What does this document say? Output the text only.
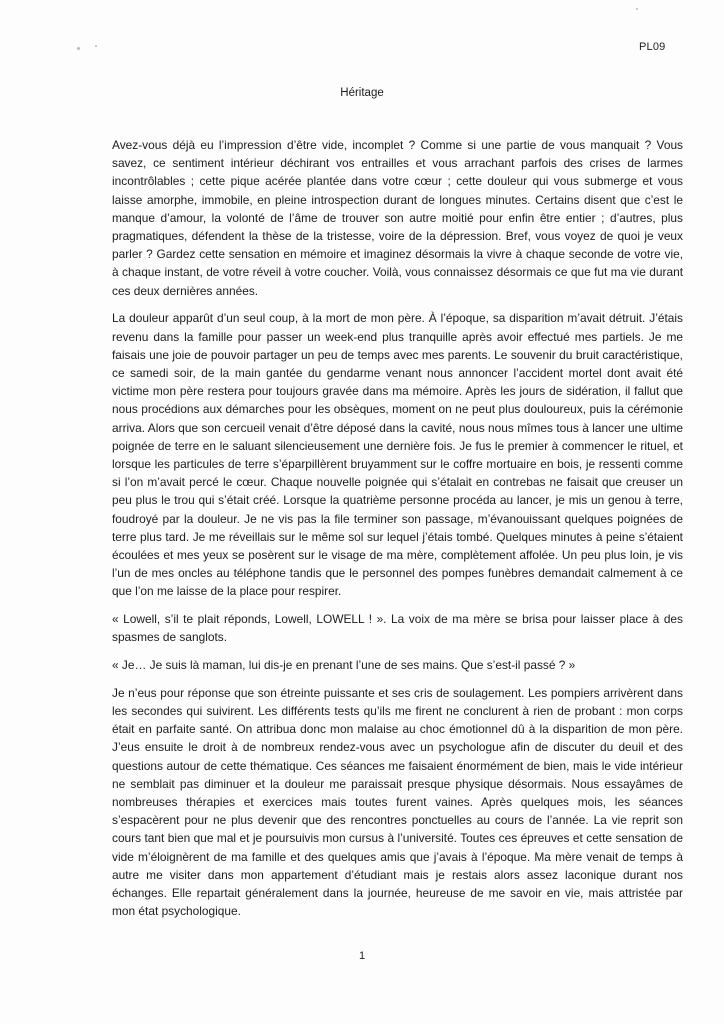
PL09
Héritage

Avez-vous déjà eu l’impression d’être vide, incomplet ? Comme si une partie de vous manquait ? Vous savez, ce sentiment intérieur déchirant vos entrailles et vous arrachant parfois des crises de larmes incontrôlables ; cette pique acérée plantée dans votre cœur ; cette douleur qui vous submerge et vous laisse amorphe, immobile, en pleine introspection durant de longues minutes. Certains disent que c’est le manque d’amour, la volonté de l’âme de trouver son autre moitié pour enfin être entier ; d’autres, plus pragmatiques, défendent la thèse de la tristesse, voire de la dépression. Bref, vous voyez de quoi je veux parler ? Gardez cette sensation en mémoire et imaginez désormais la vivre à chaque seconde de votre vie, à chaque instant, de votre réveil à votre coucher. Voilà, vous connaissez désormais ce que fut ma vie durant ces deux dernières années.

La douleur apparût d’un seul coup, à la mort de mon père. À l’époque, sa disparition m’avait détruit. J’étais revenu dans la famille pour passer un week-end plus tranquille après avoir effectué mes partiels. Je me faisais une joie de pouvoir partager un peu de temps avec mes parents. Le souvenir du bruit caractéristique, ce samedi soir, de la main gantée du gendarme venant nous annoncer l’accident mortel dont avait été victime mon père restera pour toujours gravée dans ma mémoire. Après les jours de sidération, il fallut que nous procédions aux démarches pour les obsèques, moment on ne peut plus douloureux, puis la cérémonie arriva. Alors que son cercueil venait d’être déposé dans la cavité, nous nous mîmes tous à lancer une ultime poignée de terre en le saluant silencieusement une dernière fois. Je fus le premier à commencer le rituel, et lorsque les particules de terre s’éparpillèrent bruyamment sur le coffre mortuaire en bois, je ressenti comme si l’on m’avait percé le cœur. Chaque nouvelle poignée qui s’étalait en contrebas ne faisait que creuser un peu plus le trou qui s’était créé. Lorsque la quatrième personne procéda au lancer, je mis un genou à terre, foudroyé par la douleur. Je ne vis pas la file terminer son passage, m’évanouissant quelques poignées de terre plus tard. Je me réveillais sur le même sol sur lequel j’étais tombé. Quelques minutes à peine s’étaient écoulées et mes yeux se posèrent sur le visage de ma mère, complètement affolée. Un peu plus loin, je vis l’un de mes oncles au téléphone tandis que le personnel des pompes funèbres demandait calmement à ce que l’on me laisse de la place pour respirer.

« Lowell, s’il te plait réponds, Lowell, LOWELL ! ». La voix de ma mère se brisa pour laisser place à des spasmes de sanglots.

« Je… Je suis là maman, lui dis-je en prenant l’une de ses mains. Que s’est-il passé ? »

Je n’eus pour réponse que son étreinte puissante et ses cris de soulagement. Les pompiers arrivèrent dans les secondes qui suivirent. Les différents tests qu’ils me firent ne conclurent à rien de probant : mon corps était en parfaite santé. On attribua donc mon malaise au choc émotionnel dû à la disparition de mon père. J’eus ensuite le droit à de nombreux rendez-vous avec un psychologue afin de discuter du deuil et des questions autour de cette thématique. Ces séances me faisaient énormément de bien, mais le vide intérieur ne semblait pas diminuer et la douleur me paraissait presque physique désormais. Nous essayâmes de nombreuses thérapies et exercices mais toutes furent vaines. Après quelques mois, les séances s’espacèrent pour ne plus devenir que des rencontres ponctuelles au cours de l’année. La vie reprit son cours tant bien que mal et je poursuivis mon cursus à l’université. Toutes ces épreuves et cette sensation de vide m’éloignèrent de ma famille et des quelques amis que j’avais à l’époque. Ma mère venait de temps à autre me visiter dans mon appartement d’étudiant mais je restais alors assez laconique durant nos échanges. Elle repartait généralement dans la journée, heureuse de me savoir en vie, mais attristée par mon état psychologique.

1
